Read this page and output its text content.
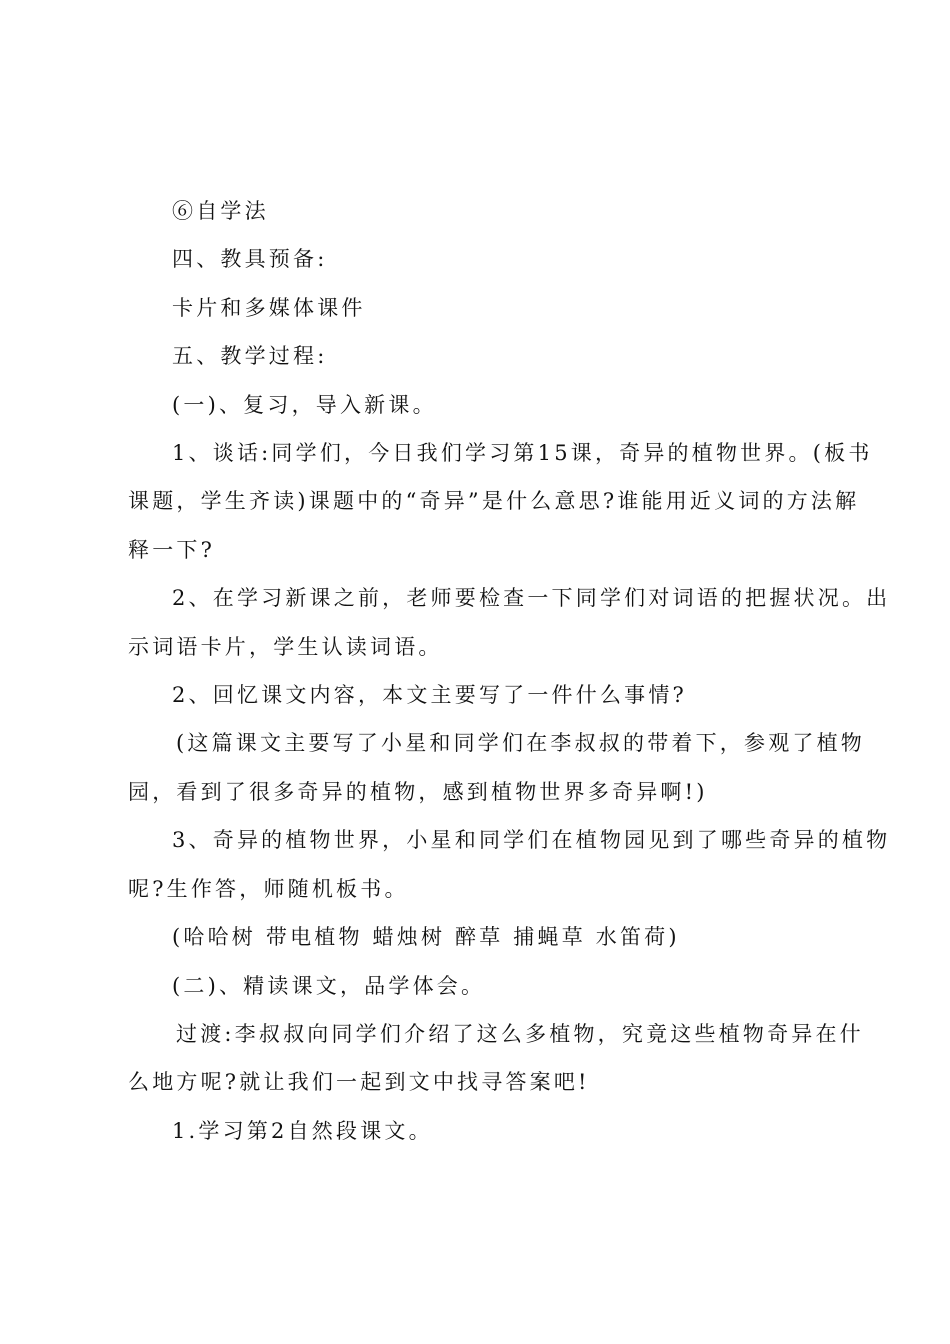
⑥自学法

四、教具预备:

卡片和多媒体课件

五、教学过程:

(一)、复习，导入新课。

1、谈话:同学们，今日我们学习第15课，奇异的植物世界。(板书

课题，学生齐读)课题中的“奇异”是什么意思?谁能用近义词的方法解

释一下?

2、在学习新课之前，老师要检查一下同学们对词语的把握状况。出

示词语卡片，学生认读词语。

2、回忆课文内容，本文主要写了一件什么事情?

(这篇课文主要写了小星和同学们在李叔叔的带着下，参观了植物

园，看到了很多奇异的植物，感到植物世界多奇异啊!)

3、奇异的植物世界，小星和同学们在植物园见到了哪些奇异的植物

呢?生作答，师随机板书。

(哈哈树 带电植物 蜡烛树 醉草 捕蝇草 水笛荷)

(二)、精读课文，品学体会。

过渡:李叔叔向同学们介绍了这么多植物，究竟这些植物奇异在什

么地方呢?就让我们一起到文中找寻答案吧!

1.学习第2自然段课文。
